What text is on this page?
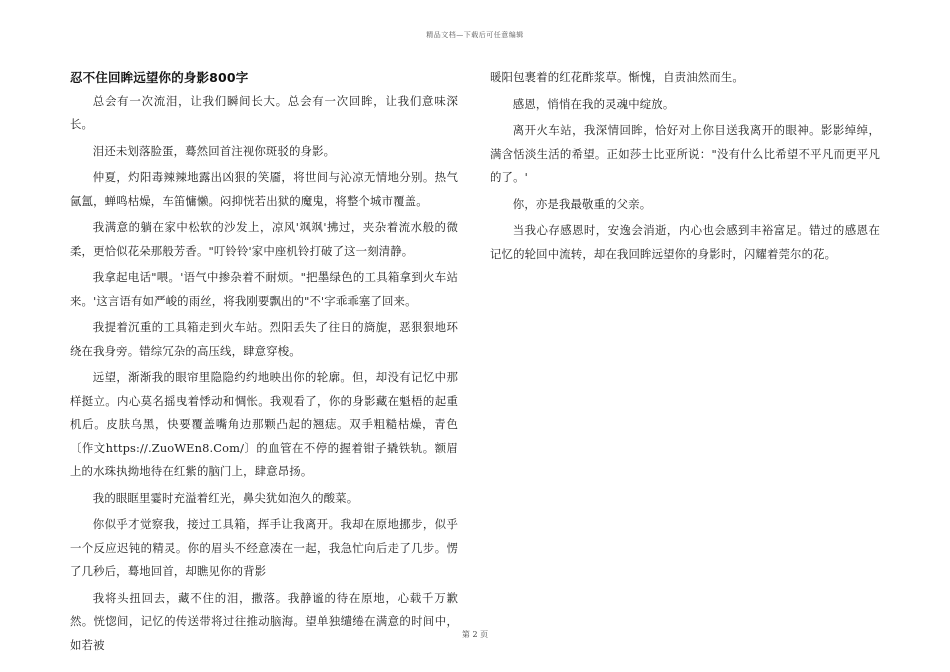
精品文档—下载后可任意编辑
忍不住回眸远望你的身影800字

总会有一次流泪，让我们瞬间长大。总会有一次回眸，让我们意味深长。

泪还未划落脸蛋，蓦然回首注视你斑驳的身影。

仲夏，灼阳毒辣辣地露出凶狠的笑靥，将世间与沁凉无情地分别。热气氤氲，蝉鸣枯燥，车笛慵懒。闷抑恍若出狱的魔鬼，将整个城市覆盖。

我满意的躺在家中松软的沙发上，凉风'飒飒'拂过，夹杂着流水般的微柔，更恰似花朵那般芳香。"叮铃铃'家中座机铃打破了这一刻清静。

我拿起电话"喂。'语气中掺杂着不耐烦。"把墨绿色的工具箱拿到火车站来。'这言语有如严峻的雨丝，将我刚要飘出的"不'字乖乖塞了回来。

我提着沉重的工具箱走到火车站。烈阳丢失了往日的旖旎，恶狠狠地环绕在我身旁。错综冗杂的高压线，肆意穿梭。

远望，渐渐我的眼帘里隐隐约约地映出你的轮廓。但，却没有记忆中那样挺立。内心莫名摇曳着悸动和惆怅。我观看了，你的身影藏在魁梧的起重机后。皮肤乌黑，快要覆盖嘴角边那颗凸起的翘痣。双手粗糙枯燥，青色〔作文https://.ZuoWEn8.Com/〕的血管在不停的握着钳子撬铁轨。额眉上的水珠执拗地待在红紫的脑门上，肆意昂扬。

我的眼眶里霎时充溢着红光，鼻尖犹如泡久的酸菜。

你似乎才觉察我，接过工具箱，挥手让我离开。我却在原地挪步，似乎一个反应迟钝的精灵。你的眉头不经意凑在一起，我急忙向后走了几步。愣了几秒后，蓦地回首，却瞧见你的背影

我将头扭回去，藏不住的泪，撒落。我静谧的待在原地，心载千万歉然。恍惚间，记忆的传送带将过往推动脑海。望单独缱绻在满意的时间中，如若被

暖阳包裹着的红花酢浆草。惭愧，自责油然而生。

感恩，悄悄在我的灵魂中绽放。

离开火车站，我深情回眸，恰好对上你目送我离开的眼神。影影绰绰，满含恬淡生活的希望。正如莎士比亚所说："没有什么比希望不平凡而更平凡的了。'

你，亦是我最敬重的父亲。

当我心存感恩时，安逸会消逝，内心也会感到丰裕富足。错过的感恩在记忆的轮回中流转，却在我回眸远望你的身影时，闪耀着莞尔的花。

第 2 页
